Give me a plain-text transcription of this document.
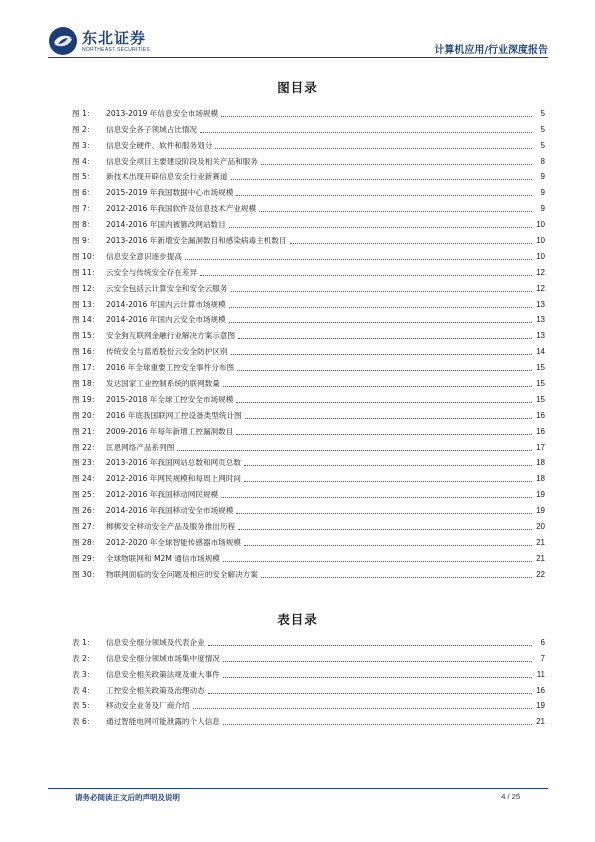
东北证券
NORTHEAST SECURITIES	计算机应用/行业深度报告
图目录
图 1：	2013-2019 年信息安全市场规模	5
图 2：	信息安全各子领域占比情况	5
图 3：	信息安全硬件、软件和服务划分	5
图 4：	信息安全项目主要建设阶段及相关产品和服务	8
图 5：	新技术出现开辟信息安全行业新赛道	9
图 6：	2015-2019 年我国数据中心市场规模	9
图 7：	2012-2016 年我国软件及信息技术产业规模	9
图 8：	2014-2016 年国内被篡改网站数目	10
图 9：	2013-2016 年新增安全漏洞数目和感染病毒主机数目	10
图 10： 信息安全意识逐步提高	10
图 11： 云安全与传统安全存在差异	12
图 12： 云安全包括云计算安全和安全云服务	12
图 13： 2014-2016 年国内云计算市场规模	13
图 14： 2014-2016 年国内云安全市场规模	13
图 15： 安全狗互联网金融行业解决方案示意图	13
图 16： 传统安全与蓝盾股份云安全防护区别	14
图 17： 2016 年全球重要工控安全事件分布图	15
图 18： 发达国家工业控制系统的联网数量	15
图 19： 2015-2018 年全球工控安全市场规模	15
图 20： 2016 年底我国联网工控设备类型统计图	16
图 21： 2009-2016 年每年新增工控漏洞数目	16
图 22： 匡恩网络产品系列图	17
图 23： 2013-2016 年我国网站总数和网页总数	18
图 24： 2012-2016 年网民规模和每周上网时间	18
图 25： 2012-2016 年我国移动网民规模	19
图 26： 2014-2016 年我国移动安全市场规模	19
图 27： 梆梆安全移动安全产品及服务推出历程	20
图 28： 2012-2020 年全球智能传感器市场规模	21
图 29： 全球物联网和 M2M 通信市场规模	21
图 30： 物联网面临的安全问题及相应的安全解决方案	22
表目录
表 1：	信息安全细分领域及代表企业	6
表 2：	信息安全细分领域市场集中度情况	7
表 3：	信息安全相关政策法规及重大事件	11
表 4：	工控安全相关政策及治理动态	16
表 5：	移动安全业务及厂商介绍	19
表 6：	通过智能电网可能泄露的个人信息	21
请务必阅读正文后的声明及说明	4 / 25
